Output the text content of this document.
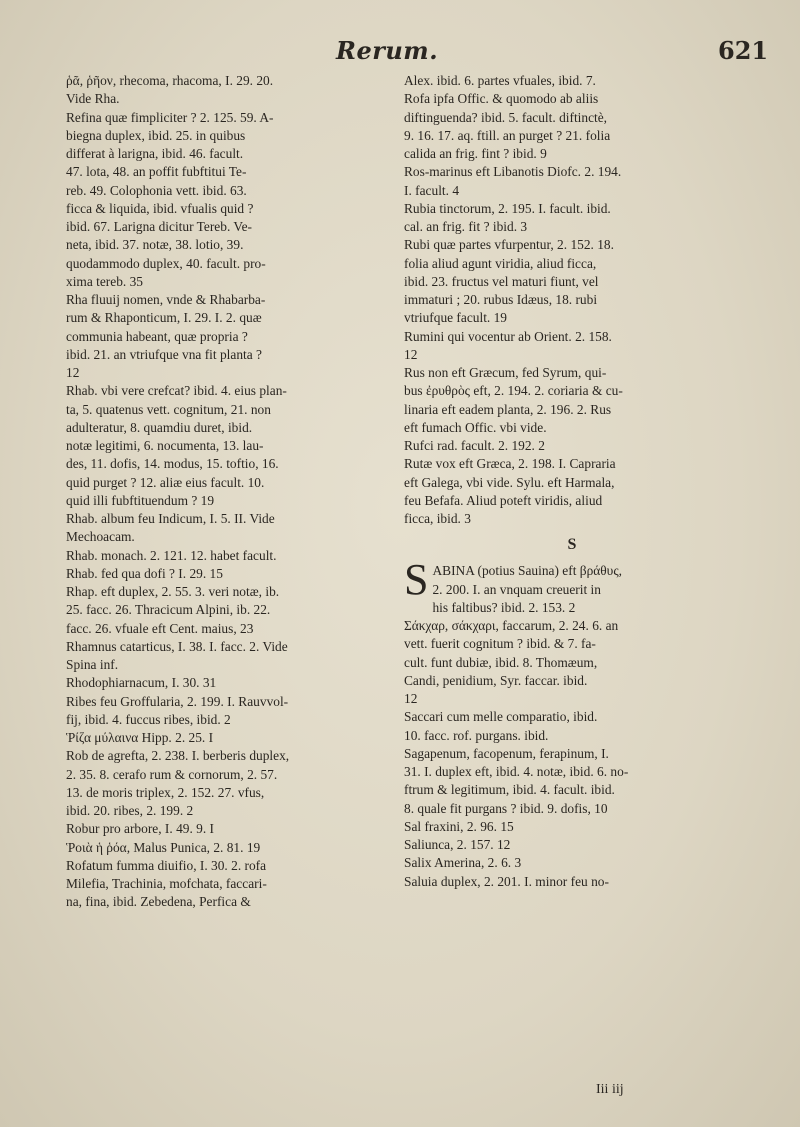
Rerum.	621
ῥᾶ, ῥῆον, rhecoma, rhacoma, I. 29. 20.
Vide Rha.
Refina quæ fimpliciter ? 2. 125. 59. A-
biegna duplex, ibid. 25. in quibus
differat à larigna, ibid. 46. facult.
47. lota, 48. an poffit fubftitui Te-
reb. 49. Colophonia vett. ibid. 63.
ficca & liquida, ibid. vfualis quid ?
ibid. 67. Larigna dicitur Tereb. Ve-
neta, ibid. 37. notæ, 38. lotio, 39.
quodammodo duplex, 40. facult. pro-
xima tereb. 35
Rha fluuij nomen, vnde & Rhabarba-
rum & Rhaponticum, I. 29. I. 2. quæ
communia habeant, quæ propria ?
ibid. 21. an vtriufque vna fit planta ?
12
Rhab. vbi vere crefcat? ibid. 4. eius plan-
ta, 5. quatenus vett. cognitum, 21. non
adulteratur, 8. quamdiu duret, ibid.
notæ legitimi, 6. nocumenta, 13. lau-
des, 11. dofis, 14. modus, 15. toftio, 16.
quid purget ? 12. aliæ eius facult. 10.
quid illi fubftituendum ? 19
Rhab. album feu Indicum, I. 5. II. Vide
Mechoacam.
Rhab. monach. 2. 121. 12. habet facult.
Rhab. fed qua dofi ? I. 29. 15
Rhap. eft duplex, 2. 55. 3. veri notæ, ib.
25. facc. 26. Thracicum Alpini, ib. 22.
facc. 26. vfuale eft Cent. maius, 23
Rhamnus catarticus, I. 38. I. facc. 2. Vide
Spina inf.
Rhodophiarnacum, I. 30. 31
Ribes feu Groffularia, 2. 199. I. Rauvvol-
fij, ibid. 4. fuccus ribes, ibid. 2
Ῥίζα μύλαινα Hipp. 2. 25. I
Rob de agrefta, 2. 238. I. berberis duplex,
2. 35. 8. cerafo rum & cornorum, 2. 57.
13. de moris triplex, 2. 152. 27. vfus,
ibid. 20. ribes, 2. 199. 2
Robur pro arbore, I. 49. 9. I
Ῥοιὰ ἡ ῥόα, Malus Punica, 2. 81. 19
Rofatum fumma diuifio, I. 30. 2. rofa
Milefia, Trachinia, mofchata, faccari-
na, fina, ibid. Zebedena, Perfica &
Alex. ibid. 6. partes vfuales, ibid. 7.
Rofa ipfa Offic. & quomodo ab aliis
diftinguenda? ibid. 5. facult. diftinctè,
9. 16. 17. aq. ftill. an purget ? 21. folia
calida an frig. fint ? ibid. 9
Ros-marinus eft Libanotis Diofc. 2. 194.
I. facult. 4
Rubia tinctorum, 2. 195. I. facult. ibid.
cal. an frig. fit ? ibid. 3
Rubi quæ partes vfurpentur, 2. 152. 18.
folia aliud agunt viridia, aliud ficca,
ibid. 23. fructus vel maturi fiunt, vel
immaturi ; 20. rubus Idæus, 18. rubi
vtriufque facult. 19
Rumini qui vocentur ab Orient. 2. 158.
12
Rus non eft Græcum, fed Syrum, qui-
bus ἐρυθρὸς eft, 2. 194. 2. coriaria & cu-
linaria eft eadem planta, 2. 196. 2. Rus
eft fumach Offic. vbi vide.
Rufci rad. facult. 2. 192. 2
Rutæ vox eft Græca, 2. 198. I. Capraria
eft Galega, vbi vide. Sylu. eft Harmala,
feu Befafa. Aliud poteft viridis, aliud
ficca, ibid. 3
S
S ABINA (potius Sauina) eft βράθυς,
2. 200. I. an vnquam creuerit in
his faltibus? ibid. 2. 153. 2
Σάκχαρ, σάκχαρι, faccarum, 2. 24. 6. an
vett. fuerit cognitum ? ibid. & 7. fa-
cult. funt dubiæ, ibid. 8. Thomæum,
Candi, penidium, Syr. faccar. ibid.
12
Saccari cum melle comparatio, ibid.
10. facc. rof. purgans. ibid.
Sagapenum, facopenum, ferapinum, I.
31. I. duplex eft, ibid. 4. notæ, ibid. 6. no-
ftrum & legitimum, ibid. 4. facult. ibid.
8. quale fit purgans ? ibid. 9. dofis, 10
Sal fraxini, 2. 96. 15
Saliunca, 2. 157. 12
Salix Amerina, 2. 6. 3
Saluia duplex, 2. 201. I. minor feu no-
Iii iij
